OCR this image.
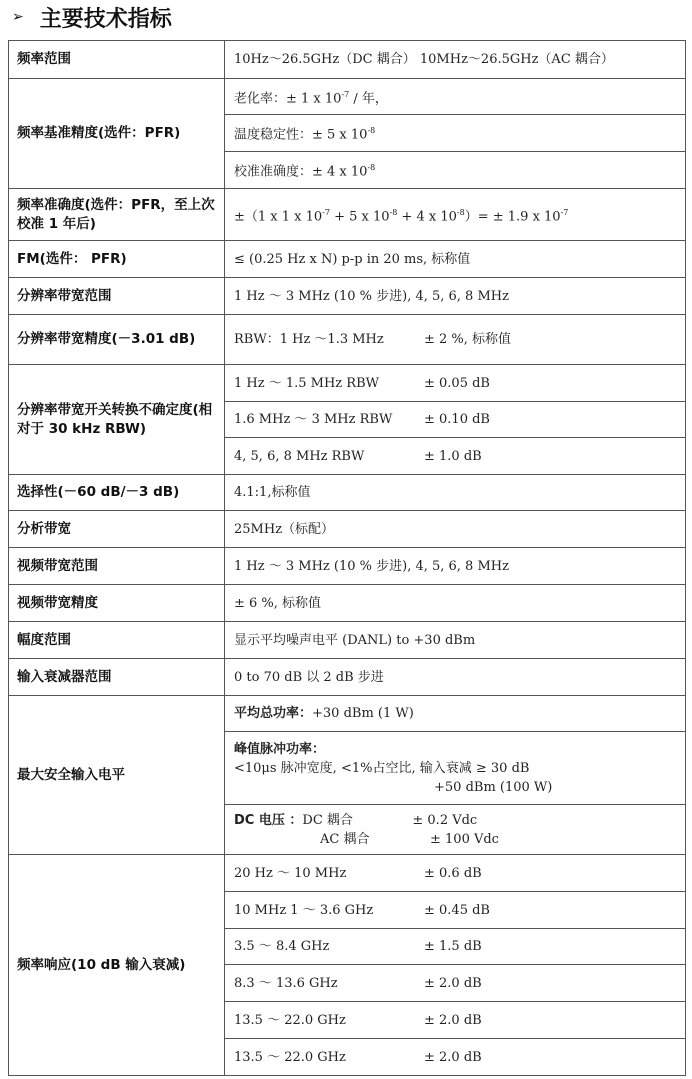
➢ 主要技术指标
频率范围	10Hz～26.5GHz（DC 耦合） 10MHz～26.5GHz（AC 耦合）
频率基准精度(选件：PFR)	老化率：± 1 x $10^{-7}$ / 年，
	温度稳定性：± 5 x $10^{-8}$
	校准准确度：± 4 x $10^{-8}$
频率准确度(选件：PFR，至上次校准 1 年后)	±（1 x 1 x $10^{-7} + 5$ x $10^{-8} + 4$ x $10^{-8})= \pm 1.9$ x $10^{-7}$
FM(选件： PFR)	≤ (0.25 Hz x N) p-p in 20 ms, 标称值
分辨率带宽范围	1 Hz ～ 3 MHz (10 % 步进), 4, 5, 6, 8 MHz
分辨率带宽精度(－3.01 dB)	RBW：1 Hz ～1.3 MHz ± 2 %, 标称值
分辨率带宽开关转换不确定度(相对于 30 kHz RBW)	1 Hz ～ 1.5 MHz RBW ± 0.05 dB
	1.6 MHz ～ 3 MHz RBW ± 0.10 dB
	4, 5, 6, 8 MHz RBW ± 1.0 dB
选择性(－60 dB/－3 dB)	4.1:1,标称值
分析带宽	25MHz（标配）
视频带宽范围	1 Hz ～ 3 MHz (10 % 步进), 4, 5, 6, 8 MHz
视频带宽精度	± 6 %, 标称值
幅度范围	显示平均噪声电平 (DANL) to +30 dBm
输入衰减器范围	0 to 70 dB 以 2 dB 步进
最大安全输入电平	平均总功率：+30 dBm (1 W)

	峰值脉冲功率：
<10μs 脉冲宽度, <1%占空比, 输入衰减 ≥ 30 dB
+50 dBm (100 W)

	DC 电压 ：DC 耦合 ± 0.2 Vdc
AC 耦合 ± 100 Vdc

频率响应(10 dB 输入衰减)	20 Hz ～ 10 MHz ± 0.6 dB
	10 MHz 1 ～ 3.6 GHz ± 0.45 dB
	3.5 ～ 8.4 GHz ± 1.5 dB
	8.3 ～ 13.6 GHz ± 2.0 dB
	13.5 ～ 22.0 GHz ± 2.0 dB
	13.5 ～ 22.0 GHz ± 2.0 dB
